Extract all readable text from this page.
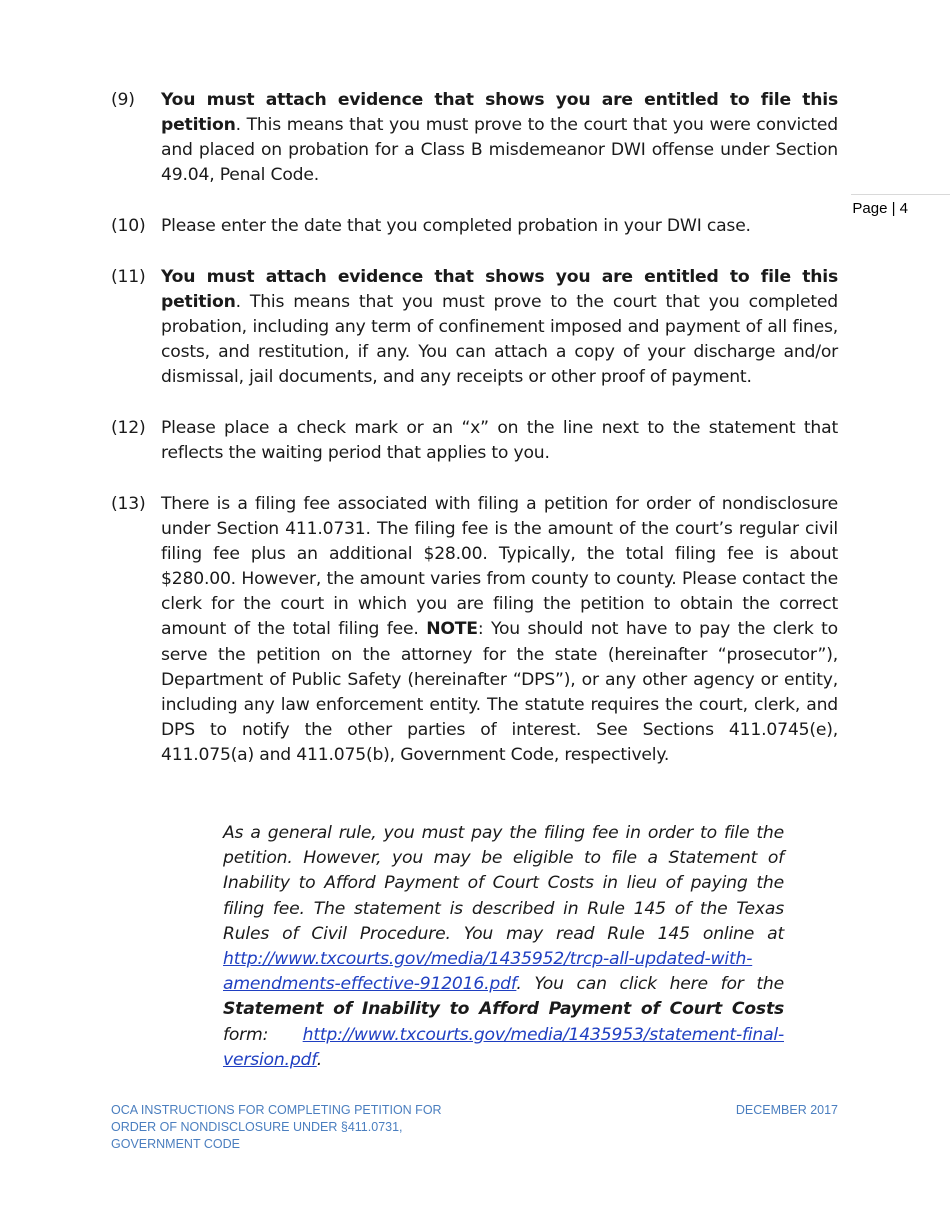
Page | 4
(9) You must attach evidence that shows you are entitled to file this petition. This means that you must prove to the court that you were convicted and placed on probation for a Class B misdemeanor DWI offense under Section 49.04, Penal Code.
(10) Please enter the date that you completed probation in your DWI case.
(11) You must attach evidence that shows you are entitled to file this petition. This means that you must prove to the court that you completed probation, including any term of confinement imposed and payment of all fines, costs, and restitution, if any. You can attach a copy of your discharge and/or dismissal, jail documents, and any receipts or other proof of payment.
(12) Please place a check mark or an “x” on the line next to the statement that reflects the waiting period that applies to you.
(13) There is a filing fee associated with filing a petition for order of nondisclosure under Section 411.0731. The filing fee is the amount of the court’s regular civil filing fee plus an additional $28.00. Typically, the total filing fee is about $280.00. However, the amount varies from county to county. Please contact the clerk for the court in which you are filing the petition to obtain the correct amount of the total filing fee. NOTE: You should not have to pay the clerk to serve the petition on the attorney for the state (hereinafter “prosecutor”), Department of Public Safety (hereinafter “DPS”), or any other agency or entity, including any law enforcement entity. The statute requires the court, clerk, and DPS to notify the other parties of interest. See Sections 411.0745(e), 411.075(a) and 411.075(b), Government Code, respectively.
As a general rule, you must pay the filing fee in order to file the petition. However, you may be eligible to file a Statement of Inability to Afford Payment of Court Costs in lieu of paying the filing fee. The statement is described in Rule 145 of the Texas Rules of Civil Procedure. You may read Rule 145 online at http://www.txcourts.gov/media/1435952/trcp-all-updated-with-amendments-effective-912016.pdf. You can click here for the Statement of Inability to Afford Payment of Court Costs form: http://www.txcourts.gov/media/1435953/statement-final-version.pdf.
OCA INSTRUCTIONS FOR COMPLETING PETITION FOR ORDER OF NONDISCLOSURE UNDER §411.0731, GOVERNMENT CODE
DECEMBER 2017
